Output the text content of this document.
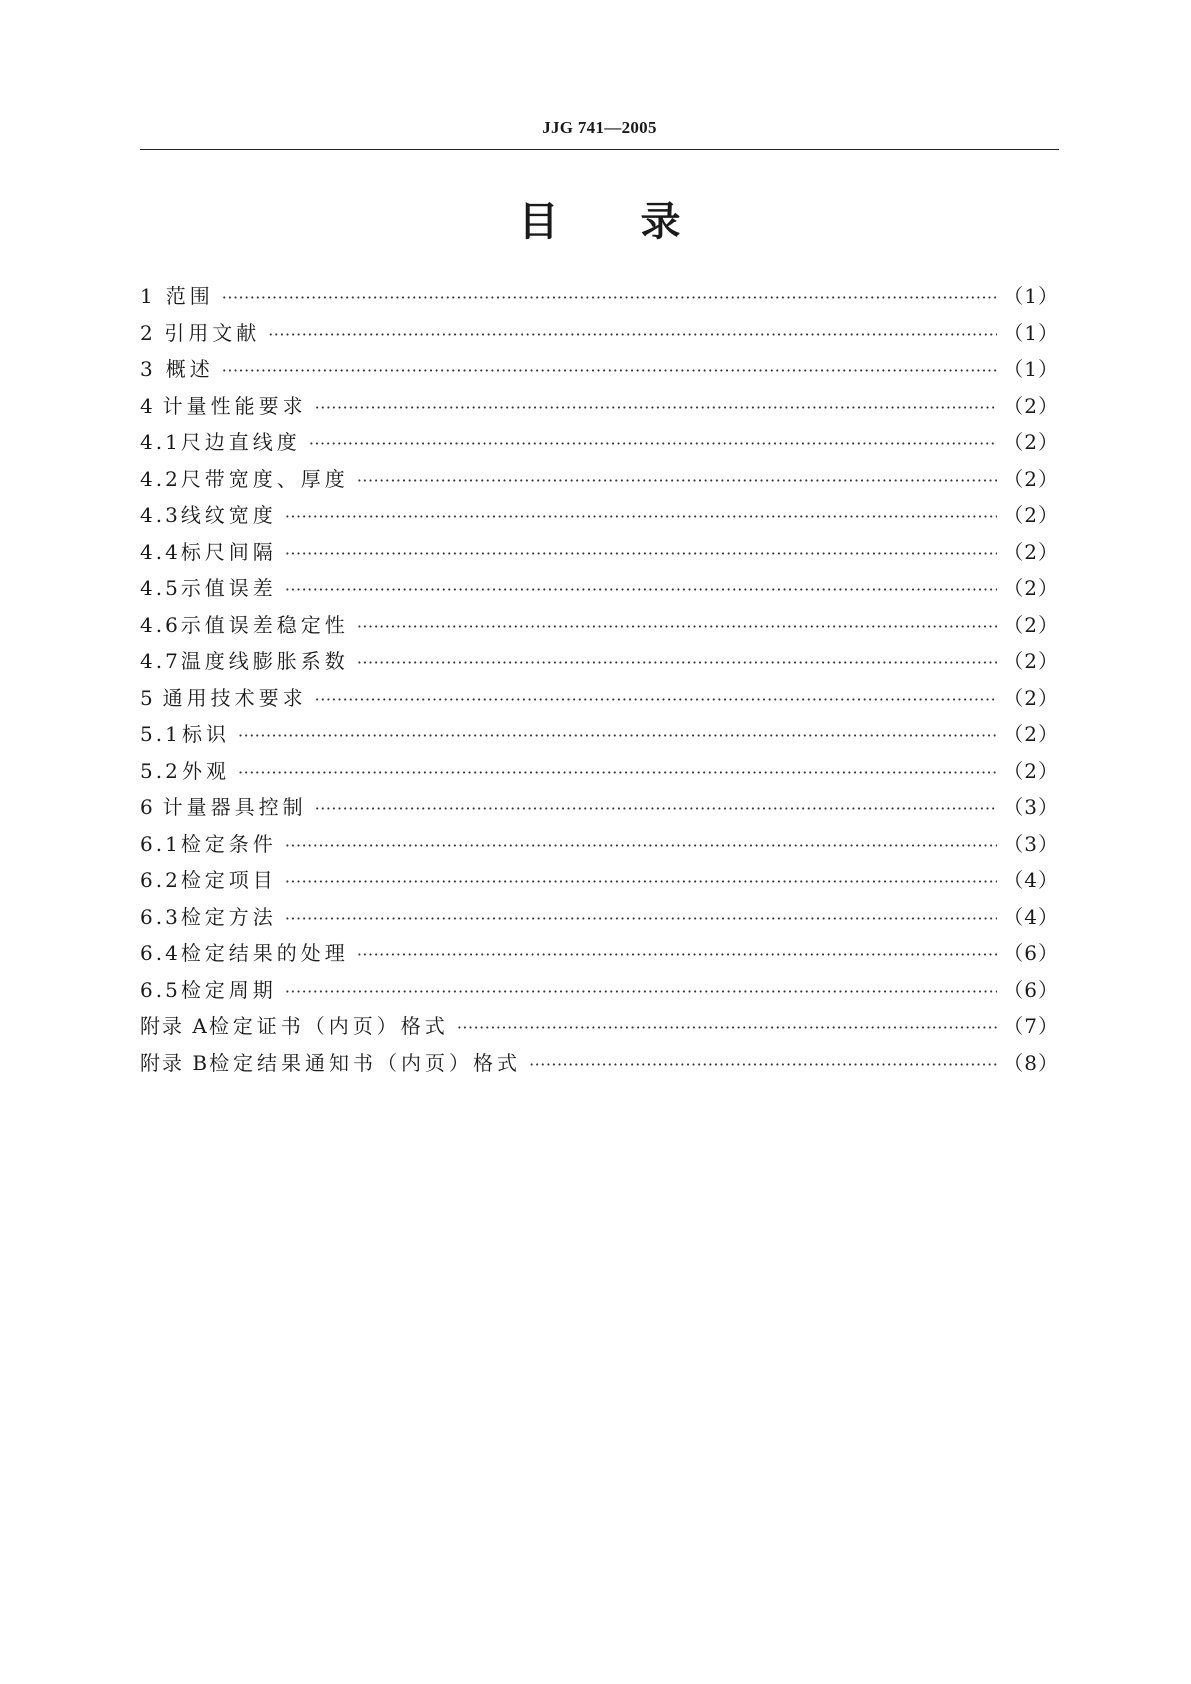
JJG 741—2005
目 录
1 范围 ·····	（1）
2 引用文献 ·····	（1）
3 概述 ·····	（1）
4 计量性能要求 ·····	（2）
4.1 尺边直线度 ·····	（2）
4.2 尺带宽度、厚度 ·····	（2）
4.3 线纹宽度 ·····	（2）
4.4 标尺间隔 ·····	（2）
4.5 示值误差 ·····	（2）
4.6 示值误差稳定性 ·····	（2）
4.7 温度线膨胀系数 ·····	（2）
5 通用技术要求 ·····	（2）
5.1 标识 ·····	（2）
5.2 外观 ·····	（2）
6 计量器具控制 ·····	（3）
6.1 检定条件 ·····	（3）
6.2 检定项目 ·····	（4）
6.3 检定方法 ·····	（4）
6.4 检定结果的处理 ·····	（6）
6.5 检定周期 ·····	（6）
附录 A 检定证书（内页）格式 ·····	（7）
附录 B 检定结果通知书（内页）格式 ·····	（8）
